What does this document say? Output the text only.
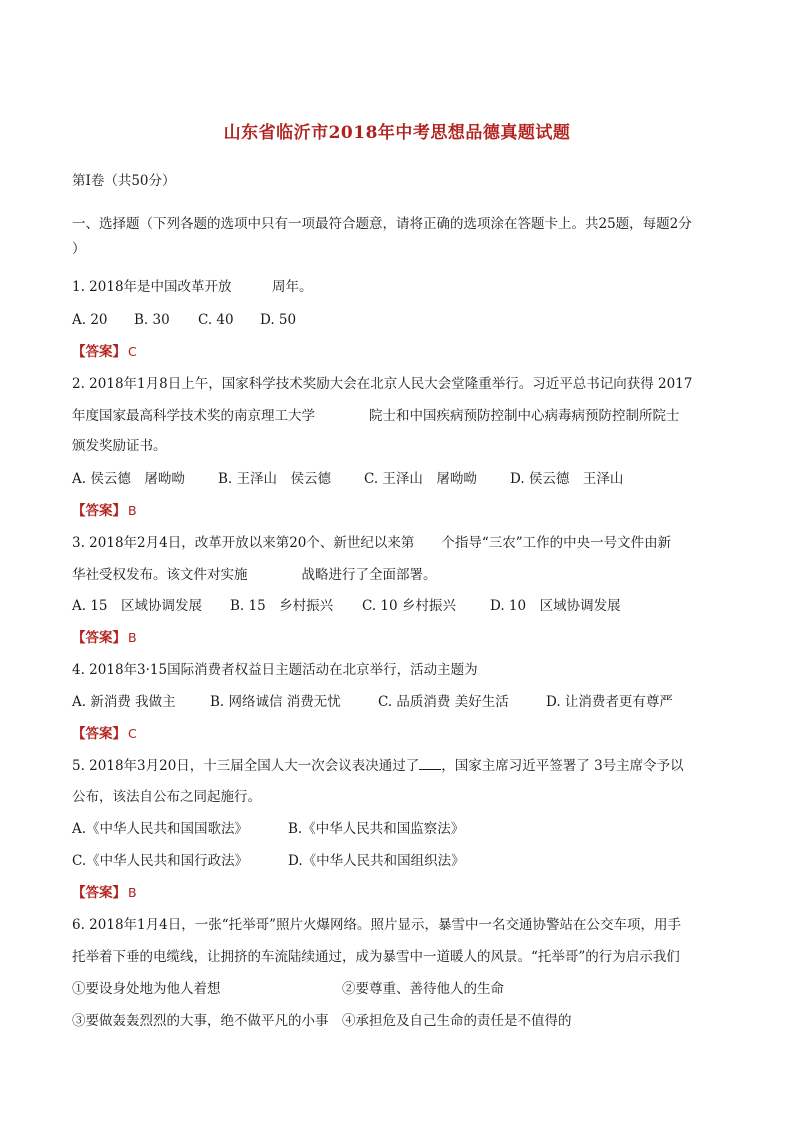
山东省临沂市2018年中考思想品德真题试题
第Ⅰ卷（共50分）
一、选择题（下列各题的选项中只有一项最符合题意，请将正确的选项涂在答题卡上。共25题，每题2分
）
1. 2018年是中国改革开放　　　周年。
A. 20 B. 30 C. 40 D. 50
【答案】 C
2. 2018年1月8日上午，国家科学技术奖励大会在北京人民大会堂隆重举行。习近平总书记向获得 2017
年度国家最高科学技术奖的南京理工大学　　　　院士和中国疾病预防控制中心病毒病预防控制所院士
颁发奖励证书。
A. 侯云德　屠呦呦 B. 王泽山　侯云德 C. 王泽山　屠呦呦 D. 侯云德　王泽山
【答案】 B
3. 2018年2月4日，改革开放以来第20个、新世纪以来第　　个指导“三农”工作的中央一号文件由新
华社受权发布。该文件对实施　　　　战略进行了全面部署。
A. 15　区域协调发展 B. 15　乡村振兴 C. 10 乡村振兴	D. 10　区域协调发展
【答案】 B
4. 2018年3·15国际消费者权益日主题活动在北京举行，活动主题为
A. 新消费 我做主	B. 网络诚信 消费无忧	C. 品质消费 美好生活	D. 让消费者更有尊严
【答案】 C
5. 2018年3月20日，十三届全国人大一次会议表决通过了 ，国家主席习近平签署了 3号主席令予以
公布，该法自公布之同起施行。
A.《中华人民共和国国歌法》	B.《中华人民共和国监察法》
C.《中华人民共和国行政法》	D.《中华人民共和国组织法》
【答案】 B
6. 2018年1月4日，一张“托举哥”照片火爆网络。照片显示，暴雪中一名交通协警站在公交车项，用手
托举着下垂的电缆线，让拥挤的车流陆续通过，成为暴雪中一道暖人的风景。“托举哥”的行为启示我们
①要设身处地为他人着想	②要尊重、善待他人的生命
③要做轰轰烈烈的大事，绝不做平凡的小事 ④承担危及自己生命的责任是不值得的
